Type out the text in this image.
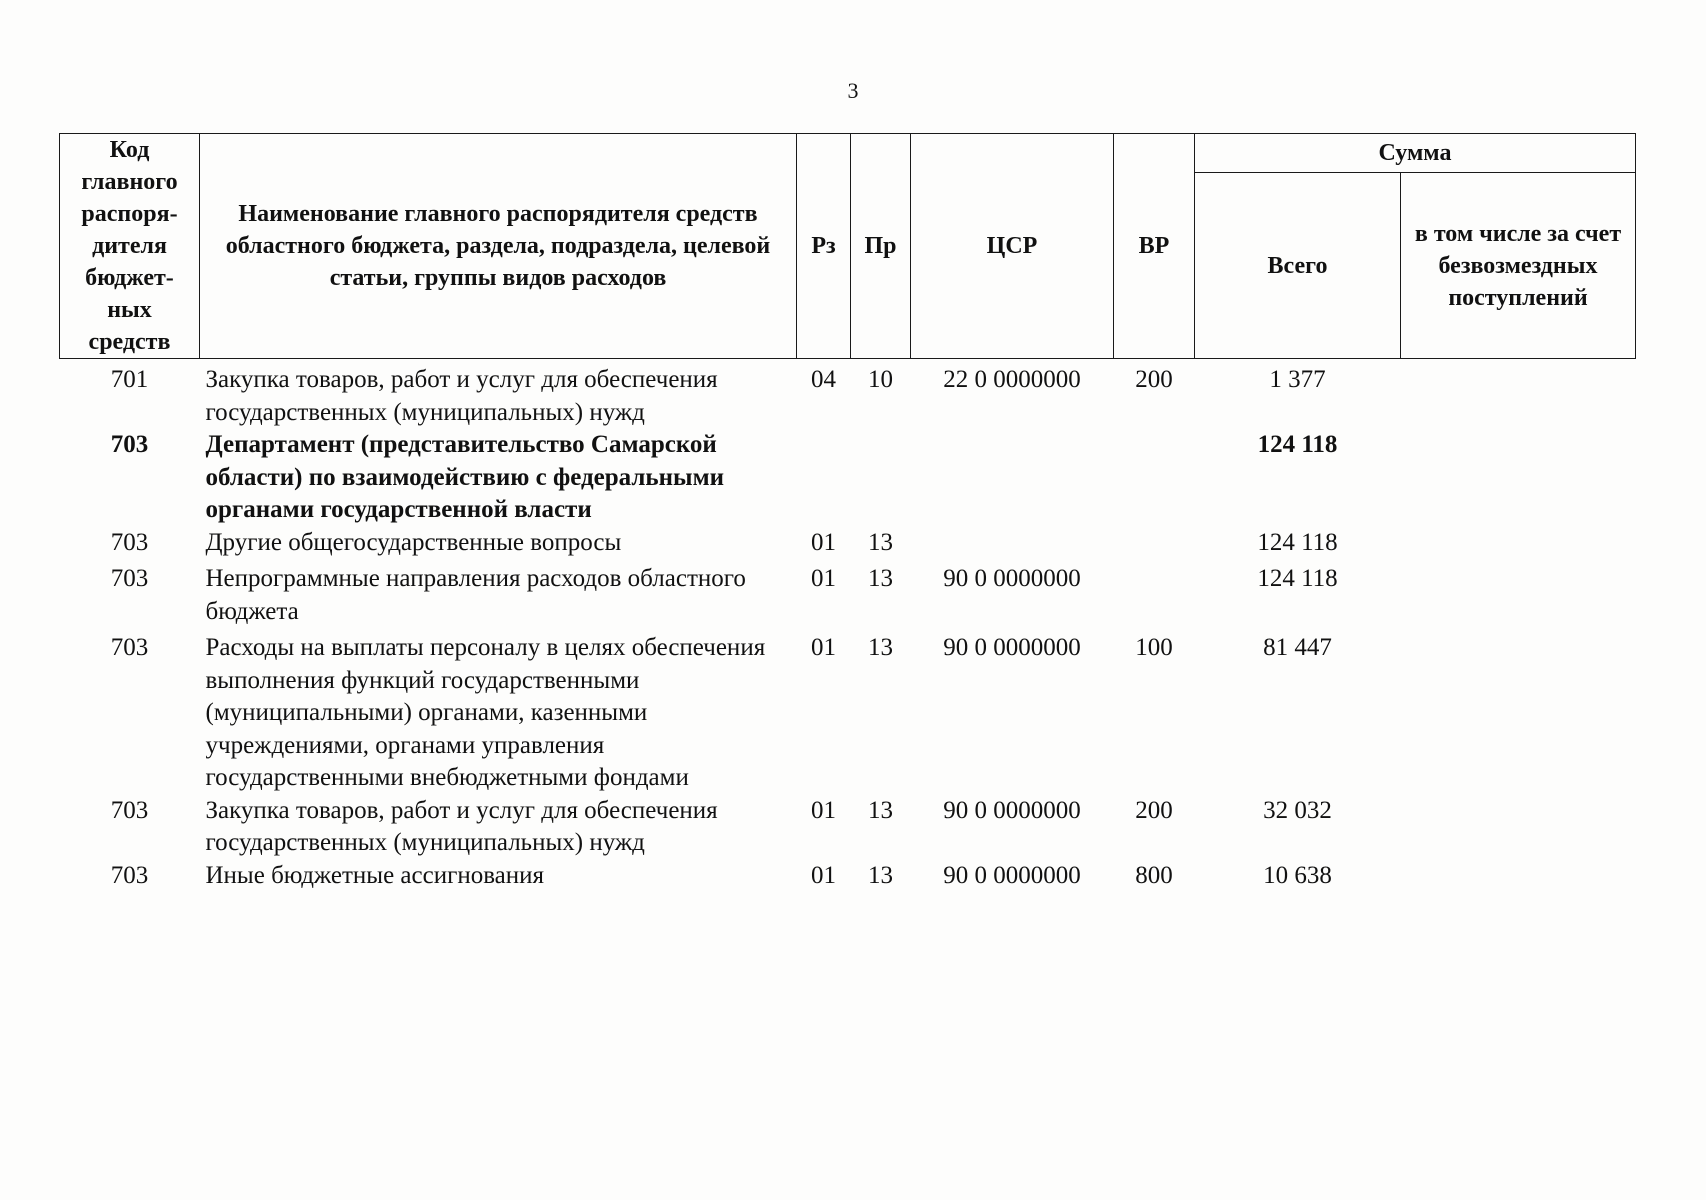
3
Код главного распоря-дителя бюджет-ных средств	Наименование главного распорядителя средств областного бюджета, раздела, подраздела, целевой статьи, группы видов расходов	Рз	Пр	ЦСР	ВР	Сумма	
						Всего	в том числе за счет безвозмездных поступлений
701	Закупка товаров, работ и услуг для обеспечения государственных (муниципальных) нужд	04	10	22 0 0000000	200	1 377	
703	Департамент (представительство Самарской области) по взаимодействию с федеральными органами государственной власти					124 118	
703	Другие общегосударственные вопросы	01	13			124 118	
703	Непрограммные направления расходов областного бюджета	01	13	90 0 0000000		124 118	
703	Расходы на выплаты персоналу в целях обеспечения выполнения функций государственными (муниципальными) органами, казенными учреждениями, органами управления государственными внебюджетными фондами	01	13	90 0 0000000	100	81 447	
703	Закупка товаров, работ и услуг для обеспечения государственных (муниципальных) нужд	01	13	90 0 0000000	200	32 032	
703	Иные бюджетные ассигнования	01	13	90 0 0000000	800	10 638	
